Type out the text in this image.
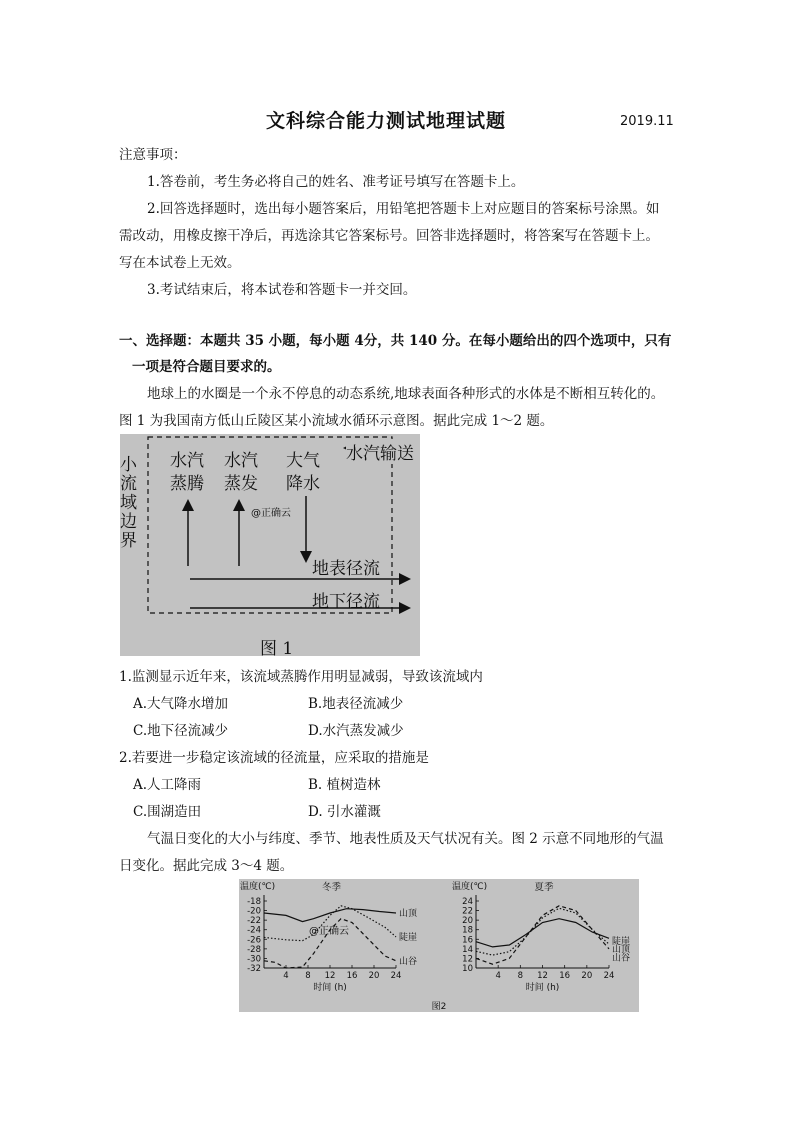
文科综合能力测试地理试题	2019.11
注意事项：
1.答卷前，考生务必将自己的姓名、准考证号填写在答题卡上。
2.回答选择题时，选出每小题答案后，用铅笔把答题卡上对应题目的答案标号涂黑。如
需改动，用橡皮擦干净后，再选涂其它答案标号。回答非选择题时，将答案写在答题卡上。
写在本试卷上无效。
3.考试结束后，将本试卷和答题卡一并交回。
一、选择题：本题共 35 小题，每小题 4分，共 140 分。在每小题给出的四个选项中，只有
一项是符合题目要求的。
地球上的水圈是一个永不停息的动态系统,地球表面各种形式的水体是不断相互转化的。
图 1 为我国南方低山丘陵区某小流域水循环示意图。据此完成 1～2 题。
小流域边界
水汽
蒸腾
水汽
蒸发
大气
降水
水汽输送
地表径流
地下径流
@正确云
图 1
1.监测显示近年来，该流域蒸腾作用明显减弱，导致该流域内
A.大气降水增加	B.地表径流减少
C.地下径流减少	D.水汽蒸发减少
2.若要进一步稳定该流域的径流量，应采取的措施是
A.人工降雨	B. 植树造林
C.围湖造田	D. 引水灌溉
气温日变化的大小与纬度、季节、地表性质及天气状况有关。图 2 示意不同地形的气温
日变化。据此完成 3～4 题。
温度(℃)	冬季
-18
-20
-22
-24
-26
-28
-30
-32
4 8 12 16 20 24
时间 (h)
山顶
陡崖
山谷
温度(℃)	夏季
24
22
20
18
16
14
12
10
4 8 12 16 20 24
时间 (h)
陡崖
山顶
山谷
@正确云
图2
